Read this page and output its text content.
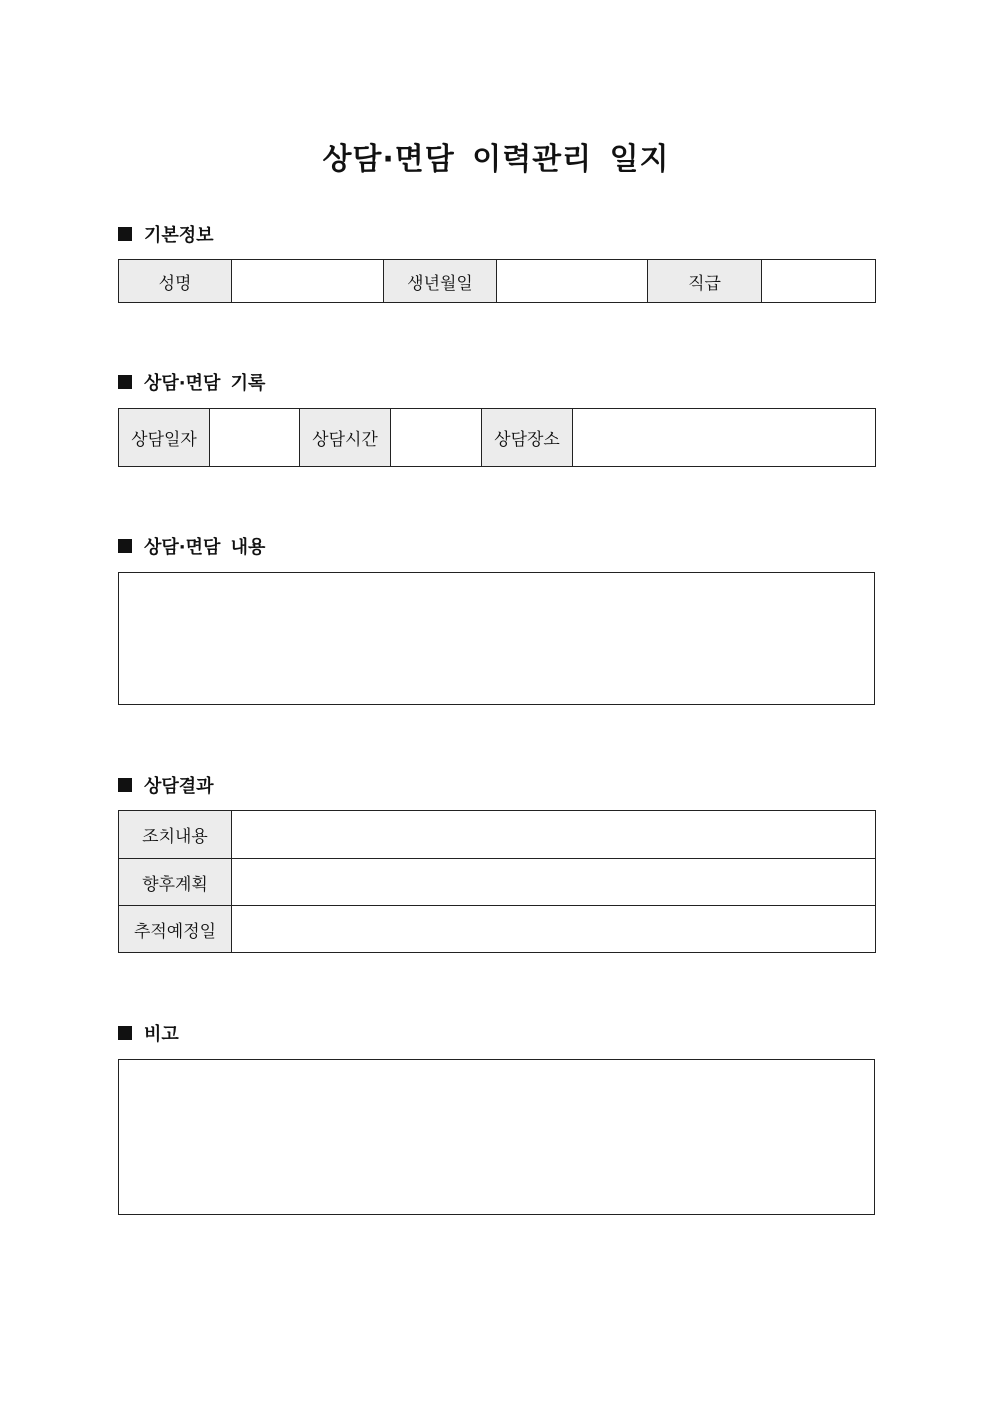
상담·면담 이력관리 일지
기본정보
성명		생년월일		직급	
상담·면담 기록
상담일자		상담시간		상담장소	
상담·면담 내용
상담결과
조치내용	
향후계획	
추적예정일	
비고
